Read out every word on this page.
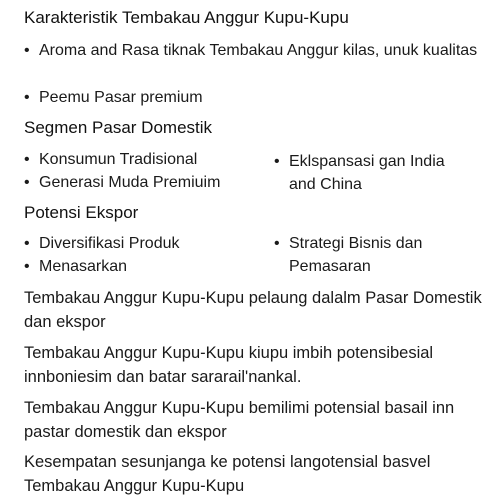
Karakteristik Tembakau Anggur Kupu-Kupu
• Aroma and Rasa tiknak Tembakau Anggur kilas, unuk kualitas
• Peemu Pasar premium
Segmen Pasar Domestik
• Konsumun Tradisional
• Generasi Muda Premiuim
• Eklspansasi gan India and China
Potensi Ekspor
• Diversifikasi Produk
• Menasarkan
• Strategi Bisnis dan Pemasaran
Tembakau Anggur Kupu-Kupu pelaung dalalm Pasar Domestik dan ekspor
Tembakau Anggur Kupu-Kupu kiupu imbih potensibesial innboniesim dan batar sararail'nankal.
Tembakau Anggur Kupu-Kupu bemilimi potensial basail inn pastar domestik dan ekspor
Kesempatan sesunjanga ke potensi langotensial basvel Tembakau Anggur Kupu-Kupu
